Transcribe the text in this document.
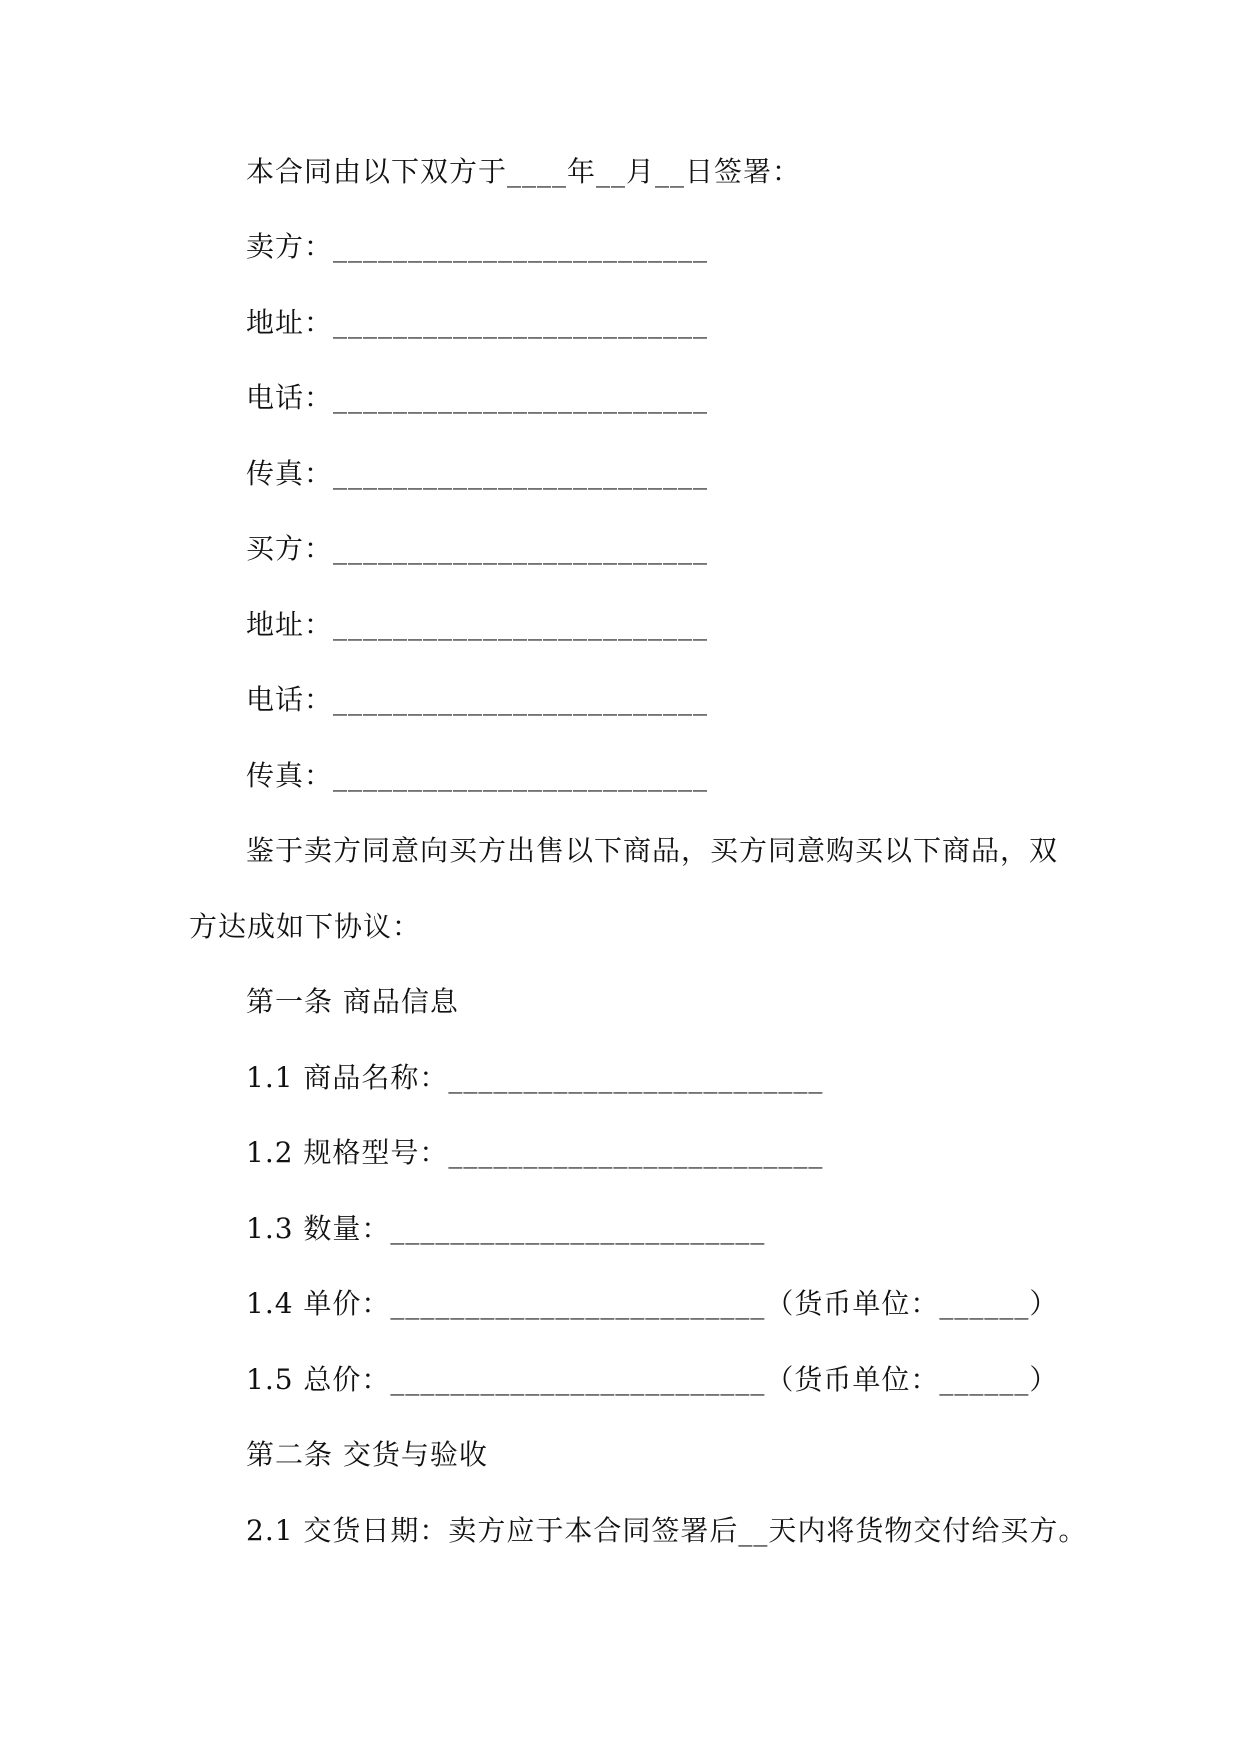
本合同由以下双方于____年__月__日签署：
卖方：_________________________
地址：_________________________
电话：_________________________
传真：_________________________
买方：_________________________
地址：_________________________
电话：_________________________
传真：_________________________
鉴于卖方同意向买方出售以下商品，买方同意购买以下商品，双
方达成如下协议：
第一条 商品信息
1.1 商品名称：_________________________
1.2 规格型号：_________________________
1.3 数量：_________________________
1.4 单价：_________________________（货币单位：______）
1.5 总价：_________________________（货币单位：______）
第二条 交货与验收
2.1 交货日期：卖方应于本合同签署后__天内将货物交付给买方。
